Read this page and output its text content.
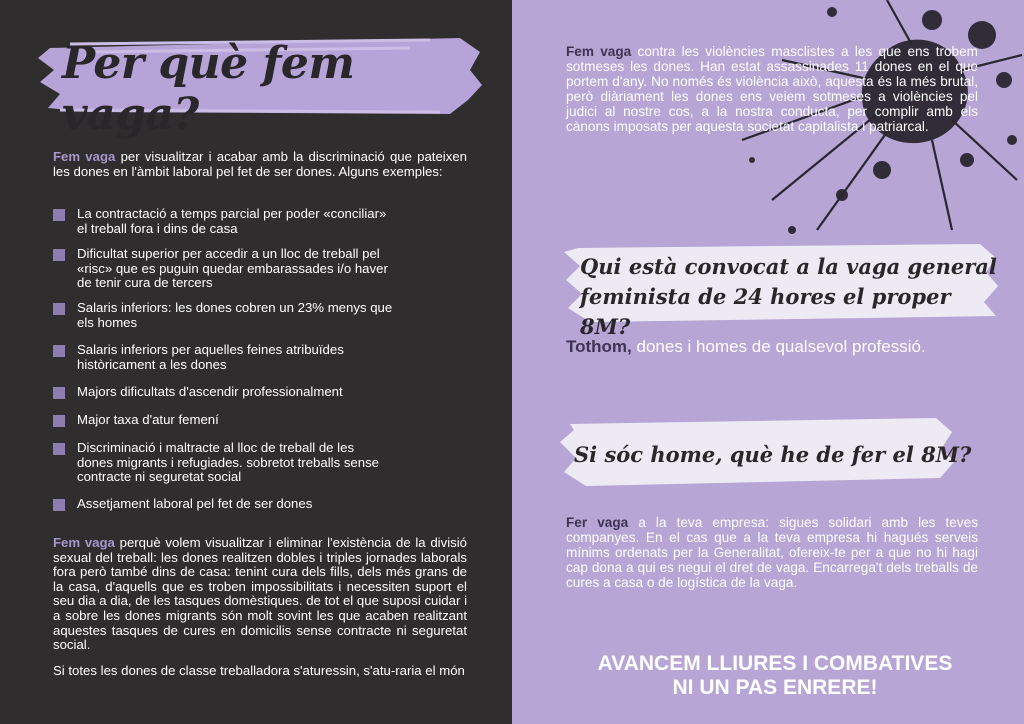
Per què fem vaga?

Fem vaga per visualitzar i acabar amb la discriminació que pateixen les dones en l'àmbit laboral pel fet de ser dones. Alguns exemples:

La contractació a temps parcial per poder «conciliar»
el treball fora i dins de casa
Dificultat superior per accedir a un lloc de treball pel
«risc» que es puguin quedar embarassades i/o haver
de tenir cura de tercers
Salaris inferiors: les dones cobren un 23% menys que
els homes
Salaris inferiors per aquelles feines atribuïdes
històricament a les dones
Majors dificultats d'ascendir professionalment
Major taxa d'atur femení
Discriminació i maltracte al lloc de treball de les
dones migrants i refugiades. sobretot treballs sense
contracte ni seguretat social
Assetjament laboral pel fet de ser dones

Fem vaga perquè volem visualitzar i eliminar l'existència de la divisió sexual del treball: les dones realitzen dobles i triples jornades laborals fora però també dins de casa: tenint cura dels fills, dels més grans de la casa, d'aquells que es troben impossibilitats i necessiten suport el seu dia a dia, de les tasques domèstiques. de tot el que suposi cuidar i a sobre les dones migrants són molt sovint les que acaben realitzant aquestes tasques de cures en domicilis sense contracte ni seguretat social.

Si totes les dones de classe treballadora s'aturessin, s'atu-raria el món

Fem vaga contra les violències masclistes a les que ens trobem sotmeses les dones. Han estat assassinades 11 dones en el que portem d'any. No només és violència això, aquesta és la més brutal, però diàriament les dones ens veiem sotmeses a violències pel judici al nostre cos, a la nostra conducta, per complir amb els cànons imposats per aquesta societat capitalista i patriarcal.

Qui està convocat a la vaga general
feminista de 24 hores el proper 8M?

Tothom, dones i homes de qualsevol professió.

Si sóc home, què he de fer el 8M?

Fer vaga a la teva empresa: sigues solidari amb les teves companyes. En el cas que a la teva empresa hi hagués serveis mínims ordenats per la Generalitat, ofereix-te per a que no hi hagi cap dona a qui es negui el dret de vaga. Encarrega't dels treballs de cures a casa o de logística de la vaga.

AVANCEM LLIURES I COMBATIVES
NI UN PAS ENRERE!
